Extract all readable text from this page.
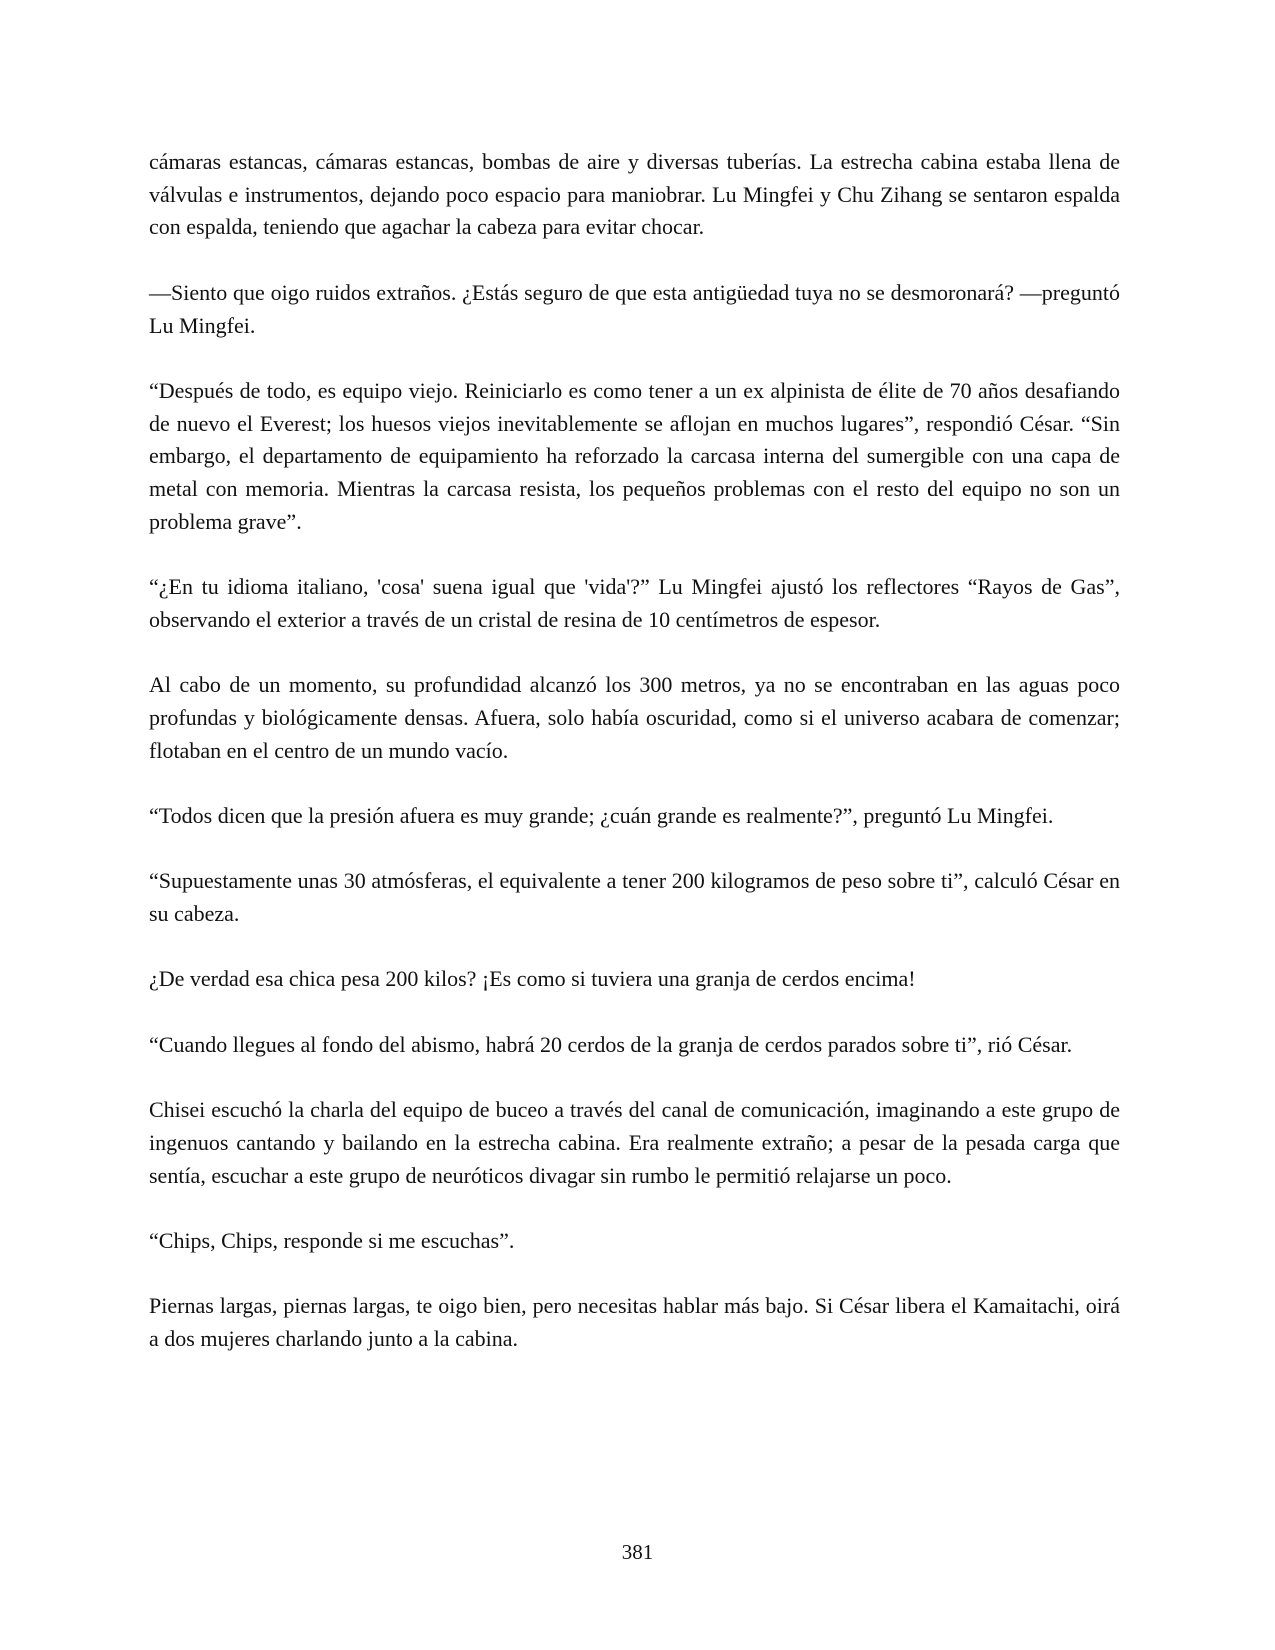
cámaras estancas, cámaras estancas, bombas de aire y diversas tuberías. La estrecha cabina estaba llena de válvulas e instrumentos, dejando poco espacio para maniobrar. Lu Mingfei y Chu Zihang se sentaron espalda con espalda, teniendo que agachar la cabeza para evitar chocar.

—Siento que oigo ruidos extraños. ¿Estás seguro de que esta antigüedad tuya no se desmoronará? —preguntó Lu Mingfei.

“Después de todo, es equipo viejo. Reiniciarlo es como tener a un ex alpinista de élite de 70 años desafiando de nuevo el Everest; los huesos viejos inevitablemente se aflojan en muchos lugares”, respondió César. “Sin embargo, el departamento de equipamiento ha reforzado la carcasa interna del sumergible con una capa de metal con memoria. Mientras la carcasa resista, los pequeños problemas con el resto del equipo no son un problema grave”.

“¿En tu idioma italiano, 'cosa' suena igual que 'vida'?” Lu Mingfei ajustó los reflectores “Rayos de Gas”, observando el exterior a través de un cristal de resina de 10 centímetros de espesor.

Al cabo de un momento, su profundidad alcanzó los 300 metros, ya no se encontraban en las aguas poco profundas y biológicamente densas. Afuera, solo había oscuridad, como si el universo acabara de comenzar; flotaban en el centro de un mundo vacío.

“Todos dicen que la presión afuera es muy grande; ¿cuán grande es realmente?”, preguntó Lu Mingfei.

“Supuestamente unas 30 atmósferas, el equivalente a tener 200 kilogramos de peso sobre ti”, calculó César en su cabeza.

¿De verdad esa chica pesa 200 kilos? ¡Es como si tuviera una granja de cerdos encima!

“Cuando llegues al fondo del abismo, habrá 20 cerdos de la granja de cerdos parados sobre ti”, rió César.

Chisei escuchó la charla del equipo de buceo a través del canal de comunicación, imaginando a este grupo de ingenuos cantando y bailando en la estrecha cabina. Era realmente extraño; a pesar de la pesada carga que sentía, escuchar a este grupo de neuróticos divagar sin rumbo le permitió relajarse un poco.

“Chips, Chips, responde si me escuchas”.

Piernas largas, piernas largas, te oigo bien, pero necesitas hablar más bajo. Si César libera el Kamaitachi, oirá a dos mujeres charlando junto a la cabina.

381
